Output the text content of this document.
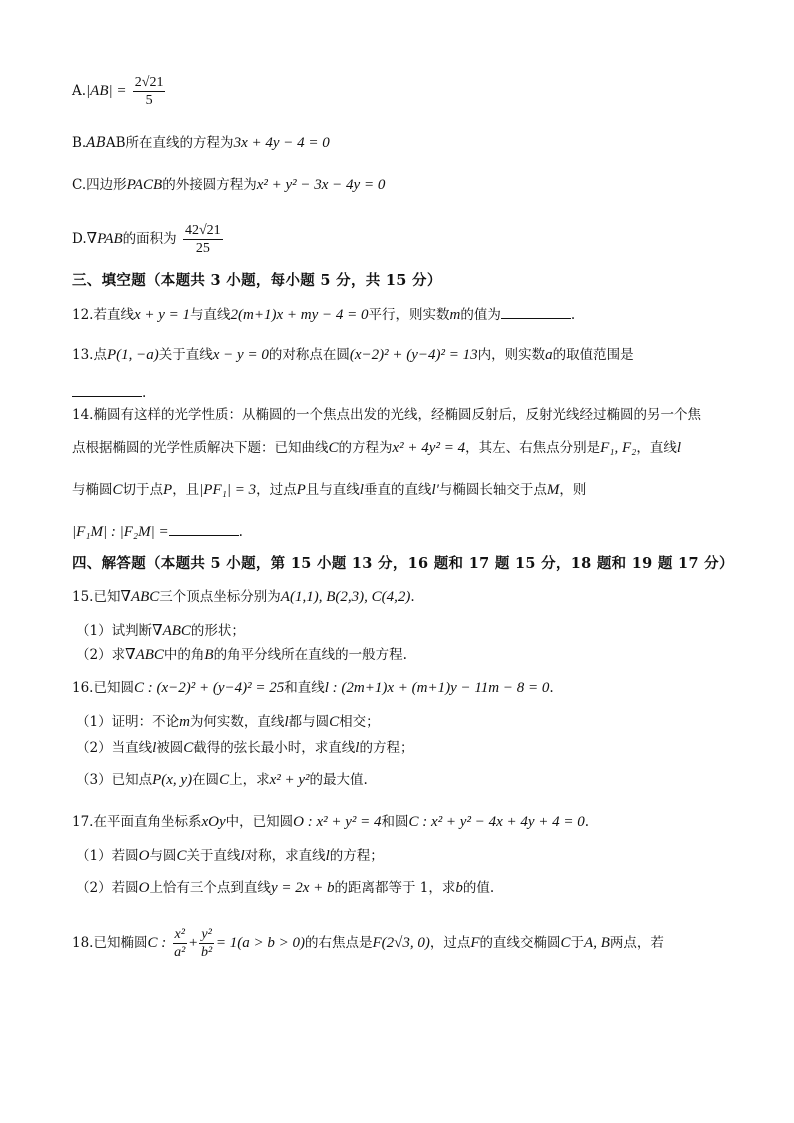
$A.|AB| = \frac{2√21}{5}$
B.ABAB所在直线的方程为3x + 4y − 4 = 0
C.四边形PACB的外接圆方程为x² + y² − 3x − 4y = 0
D.∇PAB的面积为 $\frac{42√21}{25}$
三、填空题（本题共 3 小题，每小题 5 分，共 15 分）
12.若直线x + y = 1与直线2(m+1)x + my − 4 = 0平行，则实数m的值为	.
13.点P(1, −a)关于直线x − y = 0的对称点在圆(x−2)² + (y−4)² = 13内，则实数a的取值范围是
.
14.椭圆有这样的光学性质：从椭圆的一个焦点出发的光线，经椭圆反射后，反射光线经过椭圆的另一个焦
点根据椭圆的光学性质解决下题：已知曲线C的方程为x² + 4y² = 4，其左、右焦点分别是F₁, F₂，直线l
与椭圆C切于点P，且|PF₁| = 3，过点P且与直线l垂直的直线l′与椭圆长轴交于点M，则
|F₁M| : |F₂M| =	.
四、解答题（本题共 5 小题，第 15 小题 13 分，16 题和 17 题 15 分，18 题和 19 题 17 分）
15.已知∇ABC三个顶点坐标分别为A(1,1), B(2,3), C(4,2).
（1）试判断∇ABC的形状；
（2）求∇ABC中的角B的角平分线所在直线的一般方程.
16.已知圆C : (x−2)² + (y−4)² = 25和直线l : (2m+1)x + (m+1)y − 11m − 8 = 0.
（1）证明：不论m为何实数，直线l都与圆C相交；
（2）当直线l被圆C截得的弦长最小时，求直线l的方程；
（3）已知点P(x, y)在圆C上，求x² + y²的最大值.
17.在平面直角坐标系xOy中，已知圆O : x² + y² = 4和圆C : x² + y² − 4x + 4y + 4 = 0.
（1）若圆O与圆C关于直线l对称，求直线l的方程；
（2）若圆O上恰有三个点到直线y = 2x + b的距离都等于 1，求b的值.
18.已知椭圆C : $\frac{\text{x²}}{\text{a²}} + \frac{\text{y²}}{\text{b²}} = 1(a > b > 0)$的右焦点是F(2√3, 0)，过点F的直线交椭圆C于A, B两点，若
